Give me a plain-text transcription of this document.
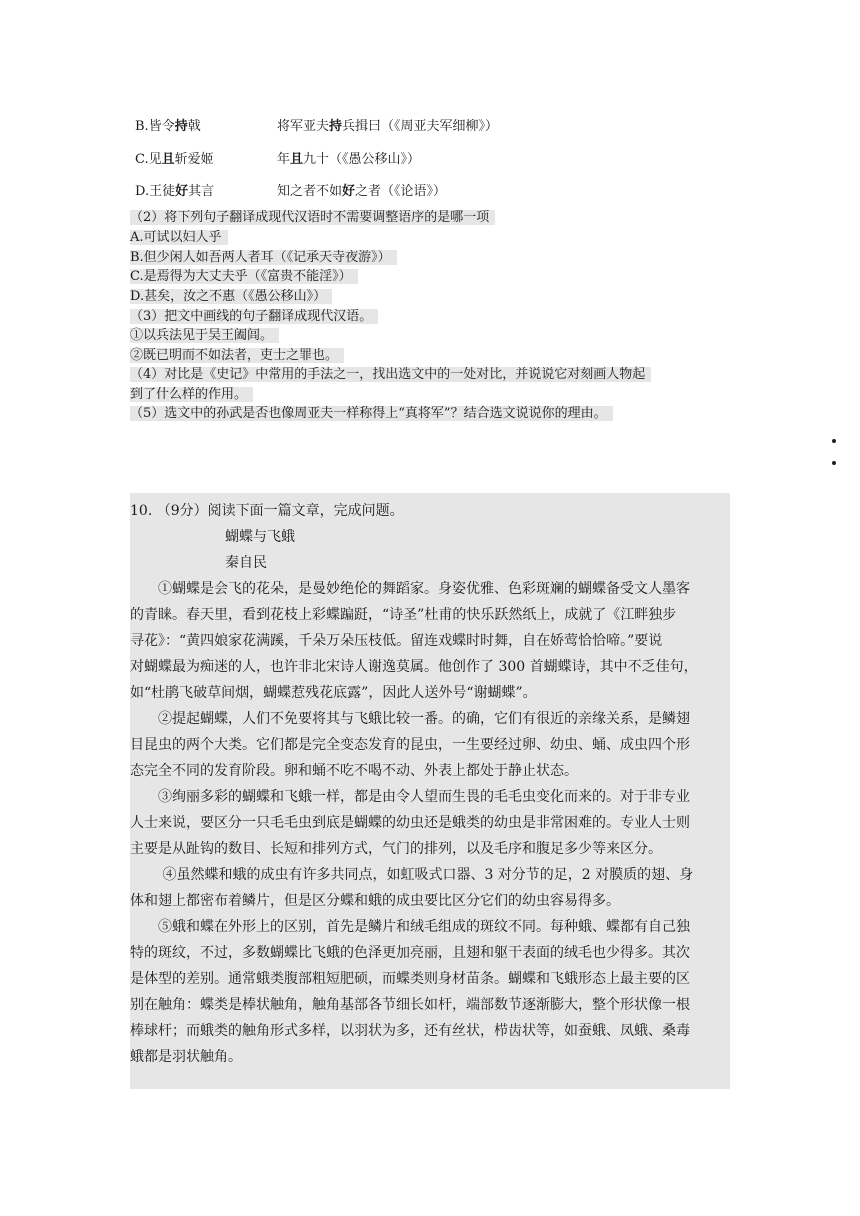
B.皆令持戟	将军亚夫持兵揖曰（《周亚夫军细柳》）
C.见且斩爱姬	年且九十（《愚公移山》）
D.王徒好其言	知之者不如好之者（《论语》）
（2）将下列句子翻译成现代汉语时不需要调整语序的是哪一项
A.可试以妇人乎
B.但少闲人如吾两人者耳（《记承天寺夜游》）
C.是焉得为大丈夫乎（《富贵不能淫》）
D.甚矣，汝之不惠（《愚公移山》）
（3）把文中画线的句子翻译成现代汉语。
①以兵法见于吴王阖闾。
②既已明而不如法者，吏士之罪也。
（4）对比是《史记》中常用的手法之一，找出选文中的一处对比，并说说它对刻画人物起
到了什么样的作用。
（5）选文中的孙武是否也像周亚夫一样称得上“真将军”？结合选文说说你的理由。
10. （9分）阅读下面一篇文章，完成问题。
蝴蝶与飞蛾
秦自民
　　①蝴蝶是会飞的花朵，是曼妙绝伦的舞蹈家。身姿优雅、色彩斑斓的蝴蝶备受文人墨客
的青睐。春天里，看到花枝上彩蝶蹁跹，“诗圣”杜甫的快乐跃然纸上，成就了《江畔独步
寻花》：“黄四娘家花满蹊，千朵万朵压枝低。留连戏蝶时时舞，自在娇莺恰恰啼。”要说
对蝴蝶最为痴迷的人，也许非北宋诗人谢逸莫属。他创作了 300 首蝴蝶诗，其中不乏佳句，
如“杜鹃飞破草间烟，蝴蝶惹残花底露”，因此人送外号“谢蝴蝶”。
　　②提起蝴蝶，人们不免要将其与飞蛾比较一番。的确，它们有很近的亲缘关系，是鳞翅
目昆虫的两个大类。它们都是完全变态发育的昆虫，一生要经过卵、幼虫、蛹、成虫四个形
态完全不同的发育阶段。卵和蛹不吃不喝不动、外表上都处于静止状态。
　　③绚丽多彩的蝴蝶和飞蛾一样，都是由令人望而生畏的毛毛虫变化而来的。对于非专业
人士来说，要区分一只毛毛虫到底是蝴蝶的幼虫还是蛾类的幼虫是非常困难的。专业人士则
主要是从趾钩的数目、长短和排列方式，气门的排列，以及毛序和腹足多少等来区分。
　　 ④虽然蝶和蛾的成虫有许多共同点，如虹吸式口器、3 对分节的足，2 对膜质的翅、身
体和翅上都密布着鳞片，但是区分蝶和蛾的成虫要比区分它们的幼虫容易得多。
　　⑤蛾和蝶在外形上的区别，首先是鳞片和绒毛组成的斑纹不同。每种蛾、蝶都有自己独
特的斑纹，不过，多数蝴蝶比飞蛾的色泽更加亮丽，且翅和躯干表面的绒毛也少得多。其次
是体型的差别。通常蛾类腹部粗短肥硕，而蝶类则身材苗条。蝴蝶和飞蛾形态上最主要的区
别在触角：蝶类是棒状触角，触角基部各节细长如杆，端部数节逐渐膨大，整个形状像一根
棒球杆；而蛾类的触角形式多样，以羽状为多，还有丝状，栉齿状等，如蚕蛾、凤蛾、桑毒
蛾都是羽状触角。
